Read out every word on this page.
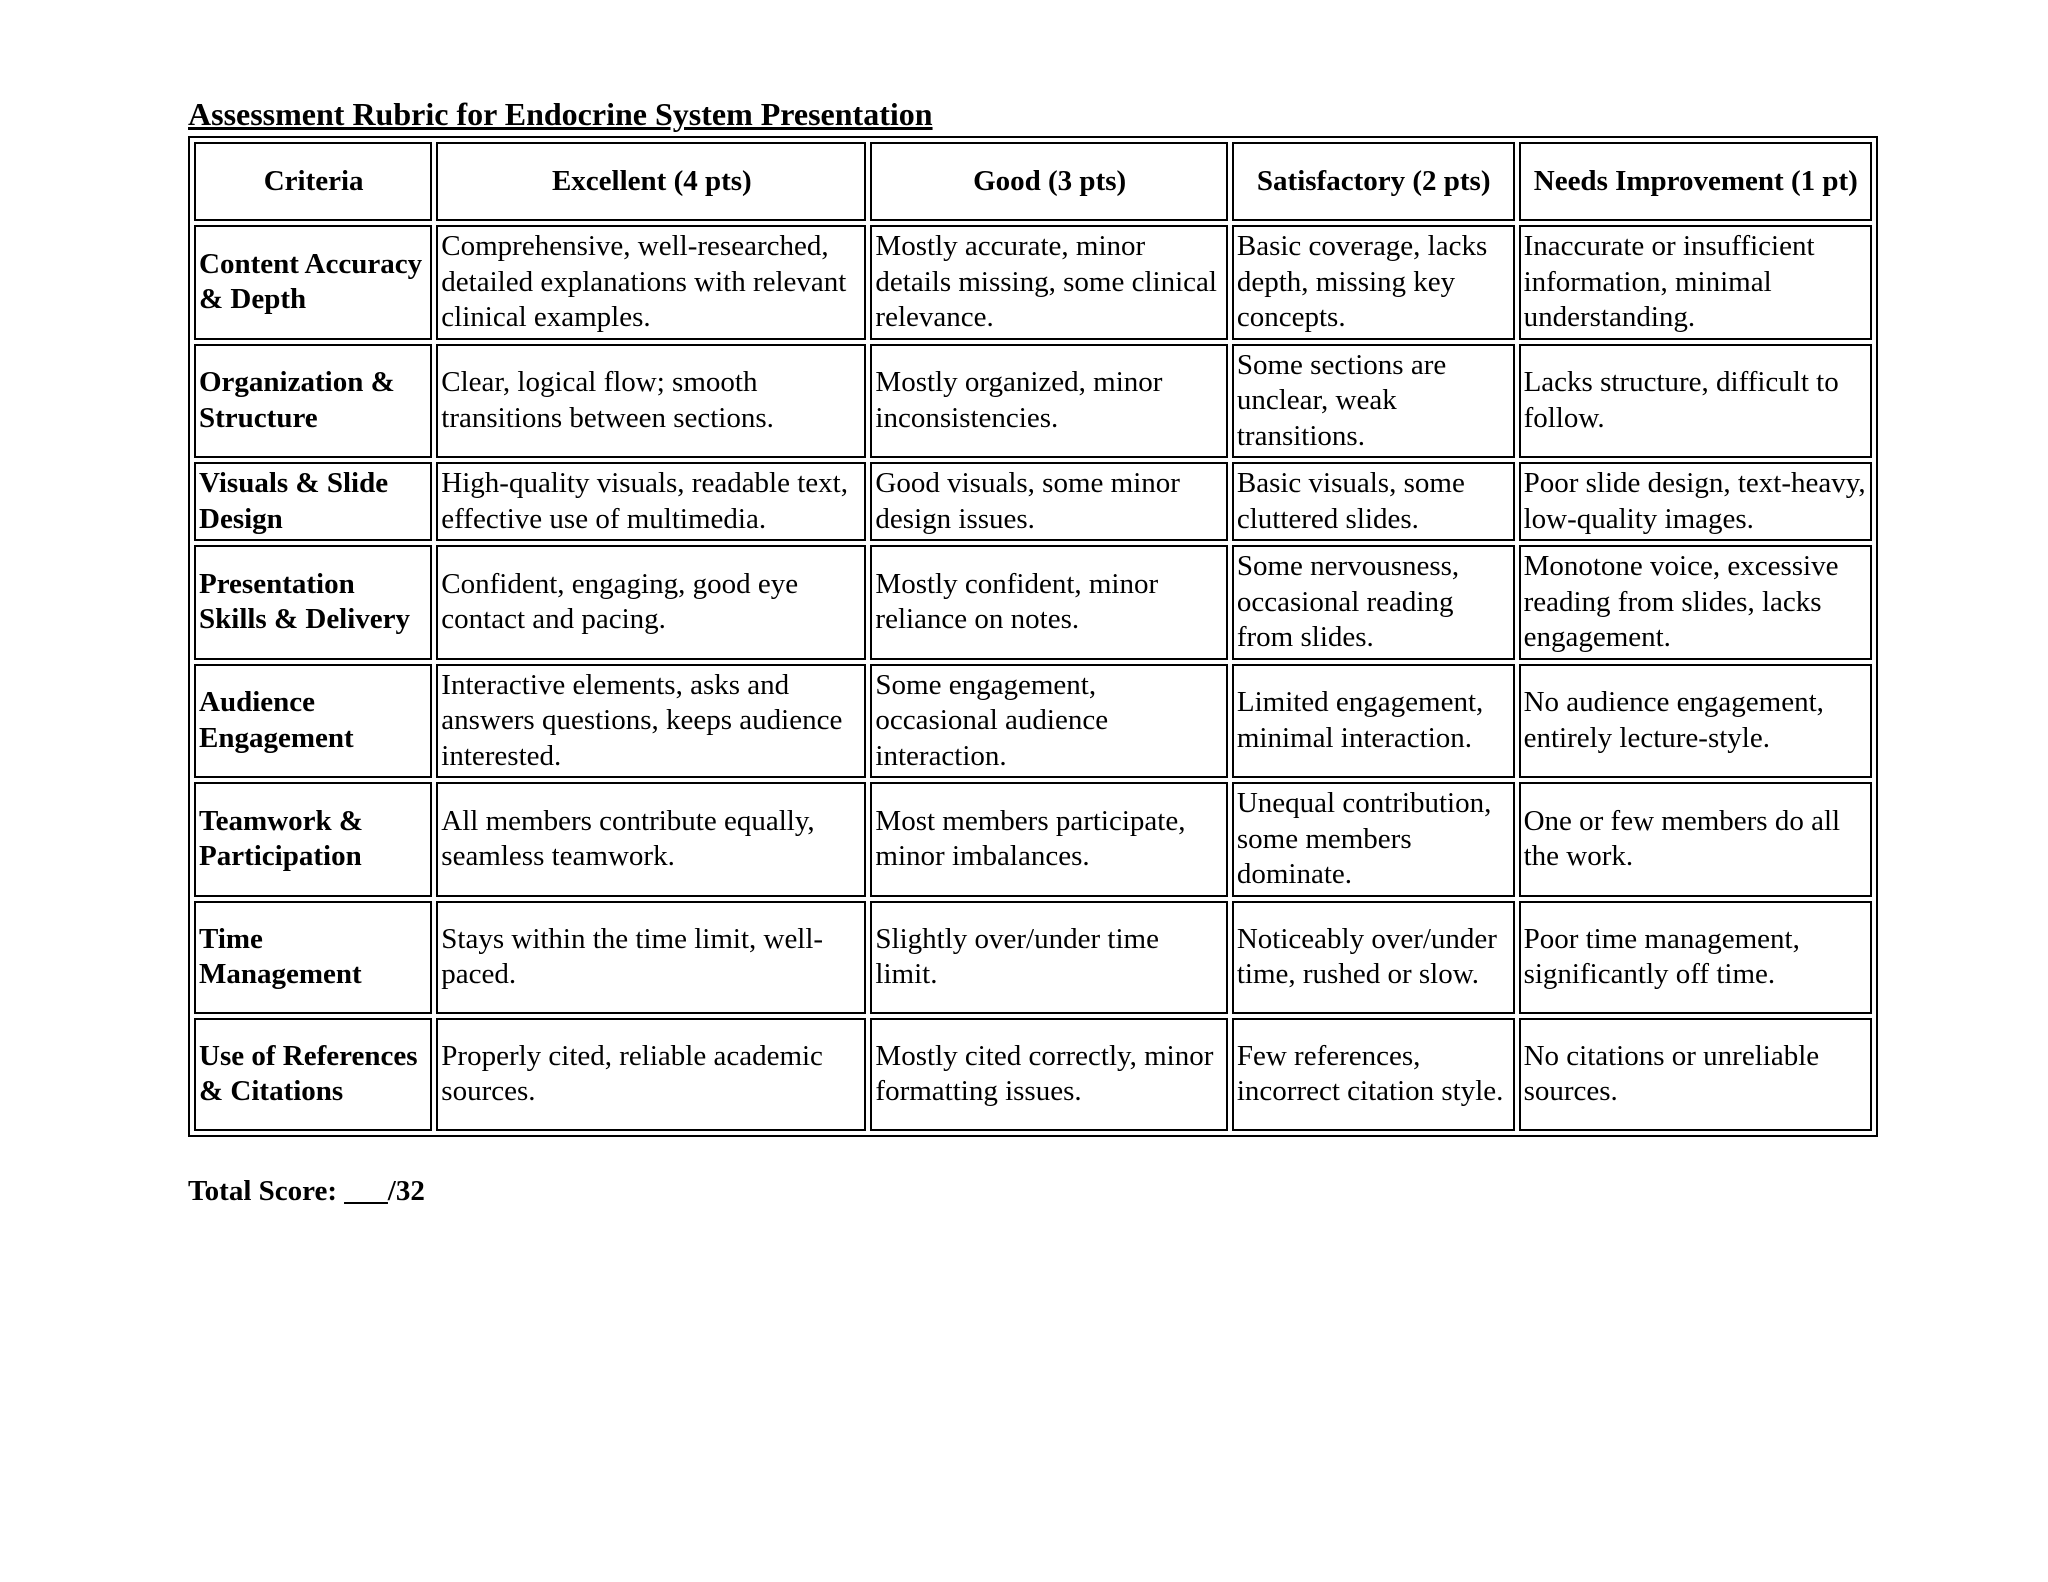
Assessment Rubric for Endocrine System Presentation
Criteria	Excellent (4 pts)	Good (3 pts)	Satisfactory (2 pts)	Needs Improvement (1 pt)
Content Accuracy & Depth	Comprehensive, well-researched, detailed explanations with relevant clinical examples.	Mostly accurate, minor details missing, some clinical relevance.	Basic coverage, lacks depth, missing key concepts.	Inaccurate or insufficient information, minimal understanding.
Organization & Structure	Clear, logical flow; smooth transitions between sections.	Mostly organized, minor inconsistencies.	Some sections are unclear, weak transitions.	Lacks structure, difficult to follow.
Visuals & Slide Design	High-quality visuals, readable text, effective use of multimedia.	Good visuals, some minor design issues.	Basic visuals, some cluttered slides.	Poor slide design, text-heavy, low-quality images.
Presentation Skills & Delivery	Confident, engaging, good eye contact and pacing.	Mostly confident, minor reliance on notes.	Some nervousness, occasional reading from slides.	Monotone voice, excessive reading from slides, lacks engagement.
Audience Engagement	Interactive elements, asks and answers questions, keeps audience interested.	Some engagement, occasional audience interaction.	Limited engagement, minimal interaction.	No audience engagement, entirely lecture-style.
Teamwork & Participation	All members contribute equally, seamless teamwork.	Most members participate, minor imbalances.	Unequal contribution, some members dominate.	One or few members do all the work.
Time Management	Stays within the time limit, well-paced.	Slightly over/under time limit.	Noticeably over/under time, rushed or slow.	Poor time management, significantly off time.
Use of References & Citations	Properly cited, reliable academic sources.	Mostly cited correctly, minor formatting issues.	Few references, incorrect citation style.	No citations or unreliable sources.
Total Score: ___/32
